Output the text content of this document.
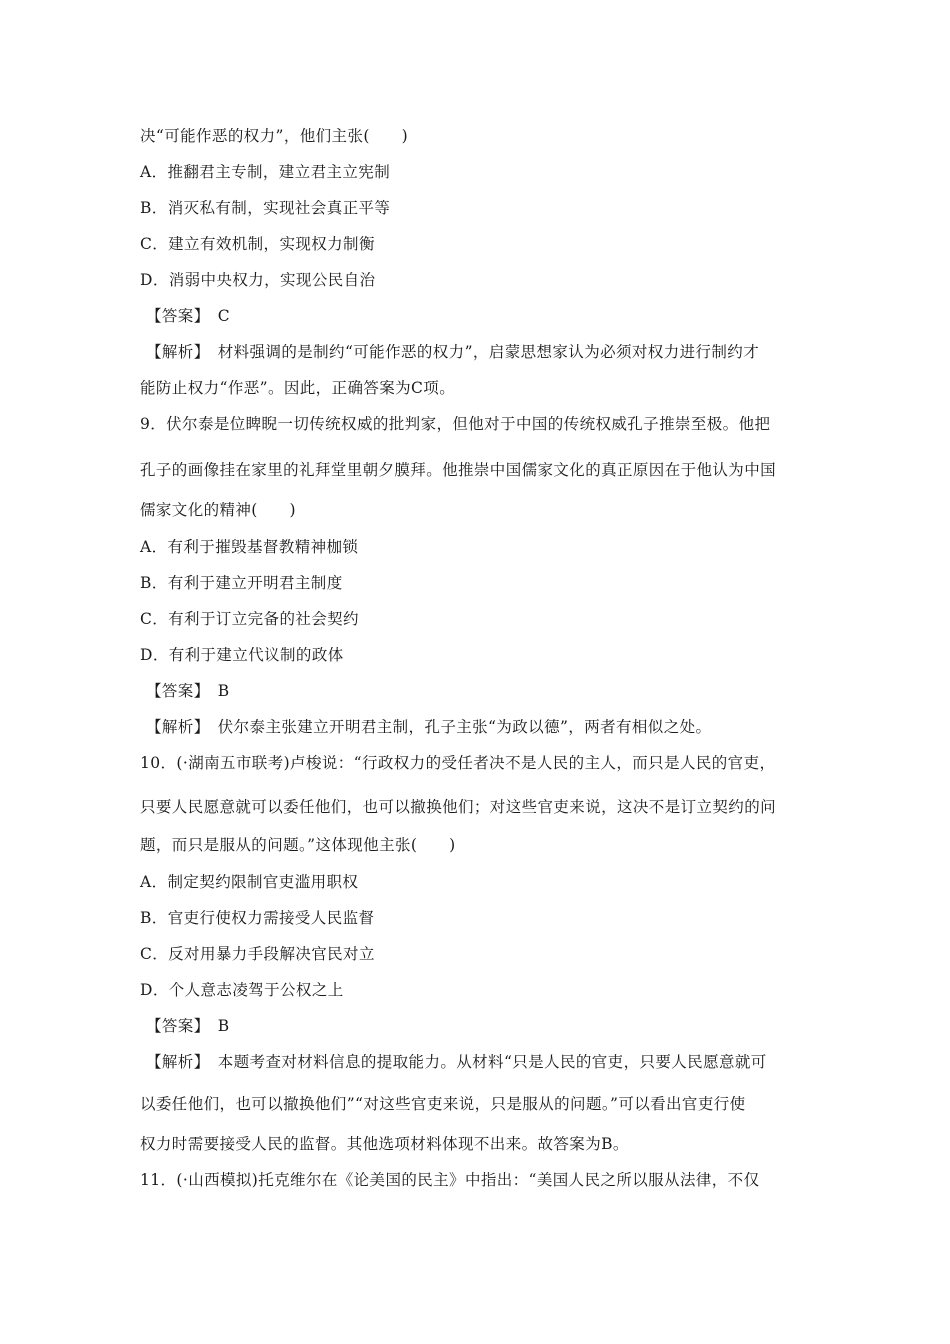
决“可能作恶的权力”，他们主张(　　)
A．推翻君主专制，建立君主立宪制
B．消灭私有制，实现社会真正平等
C．建立有效机制，实现权力制衡
D．消弱中央权力，实现公民自治
【答案】　C
【解析】　材料强调的是制约“可能作恶的权力”，启蒙思想家认为必须对权力进行制约才
能防止权力“作恶”。因此，正确答案为C项。
9．伏尔泰是位睥睨一切传统权威的批判家，但他对于中国的传统权威孔子推崇至极。他把
孔子的画像挂在家里的礼拜堂里朝夕膜拜。他推崇中国儒家文化的真正原因在于他认为中国
儒家文化的精神(　　)
A．有利于摧毁基督教精神枷锁
B．有利于建立开明君主制度
C．有利于订立完备的社会契约
D．有利于建立代议制的政体
【答案】　B
【解析】　伏尔泰主张建立开明君主制，孔子主张“为政以德”，两者有相似之处。
10．(·湖南五市联考)卢梭说：“行政权力的受任者决不是人民的主人，而只是人民的官吏，
只要人民愿意就可以委任他们，也可以撤换他们；对这些官吏来说，这决不是订立契约的问
题，而只是服从的问题。”这体现他主张(　　)
A．制定契约限制官吏滥用职权
B．官吏行使权力需接受人民监督
C．反对用暴力手段解决官民对立
D．个人意志凌驾于公权之上
【答案】　B
【解析】　本题考查对材料信息的提取能力。从材料“只是人民的官吏，只要人民愿意就可
以委任他们，也可以撤换他们”“对这些官吏来说，只是服从的问题。”可以看出官吏行使
权力时需要接受人民的监督。其他选项材料体现不出来。故答案为B。
11．(·山西模拟)托克维尔在《论美国的民主》中指出：“美国人民之所以服从法律，不仅
